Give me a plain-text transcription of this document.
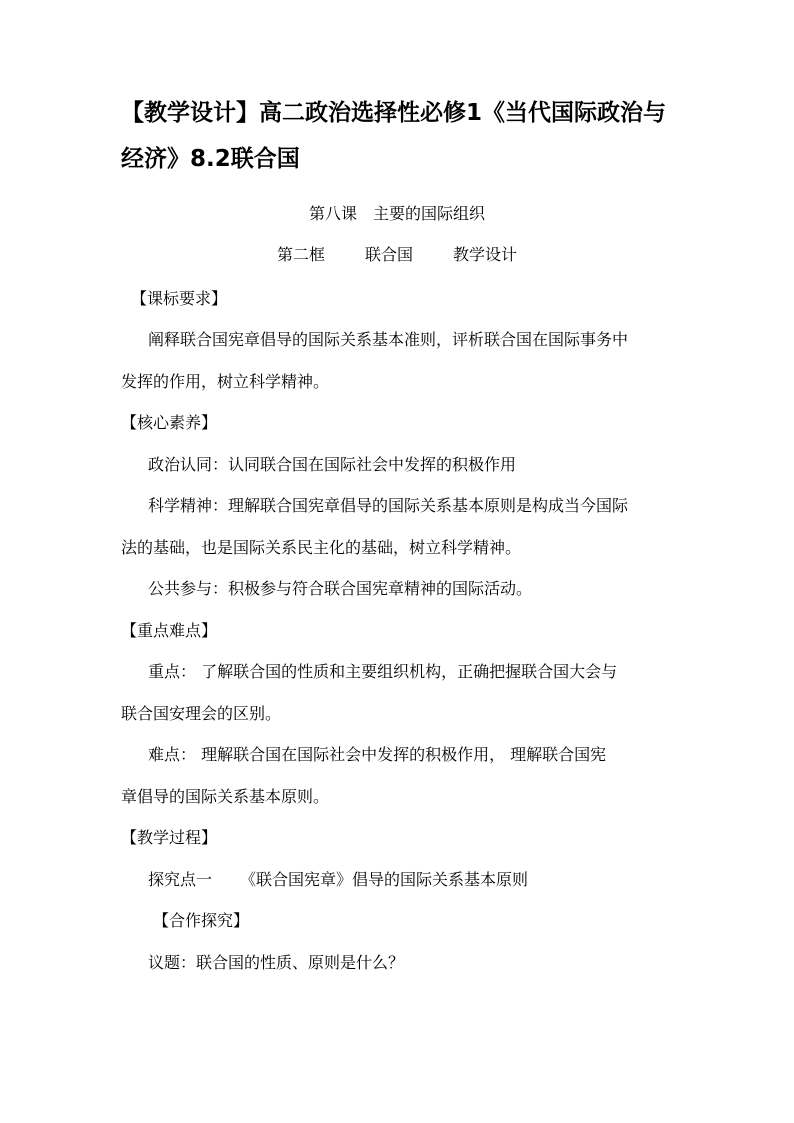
【教学设计】高二政治选择性必修1《当代国际政治与经济》8.2联合国

第八课　主要的国际组织

第二框	联合国	教学设计

【课标要求】

阐释联合国宪章倡导的国际关系基本准则，评析联合国在国际事务中

发挥的作用，树立科学精神。

【核心素养】

政治认同：认同联合国在国际社会中发挥的积极作用

科学精神：理解联合国宪章倡导的国际关系基本原则是构成当今国际

法的基础，也是国际关系民主化的基础，树立科学精神。

公共参与：积极参与符合联合国宪章精神的国际活动。

【重点难点】

重点： 了解联合国的性质和主要组织机构，正确把握联合国大会与

联合国安理会的区别。

难点： 理解联合国在国际社会中发挥的积极作用， 理解联合国宪

章倡导的国际关系基本原则。

【教学过程】

探究点一 《联合国宪章》倡导的国际关系基本原则

【合作探究】

议题：联合国的性质、原则是什么？
